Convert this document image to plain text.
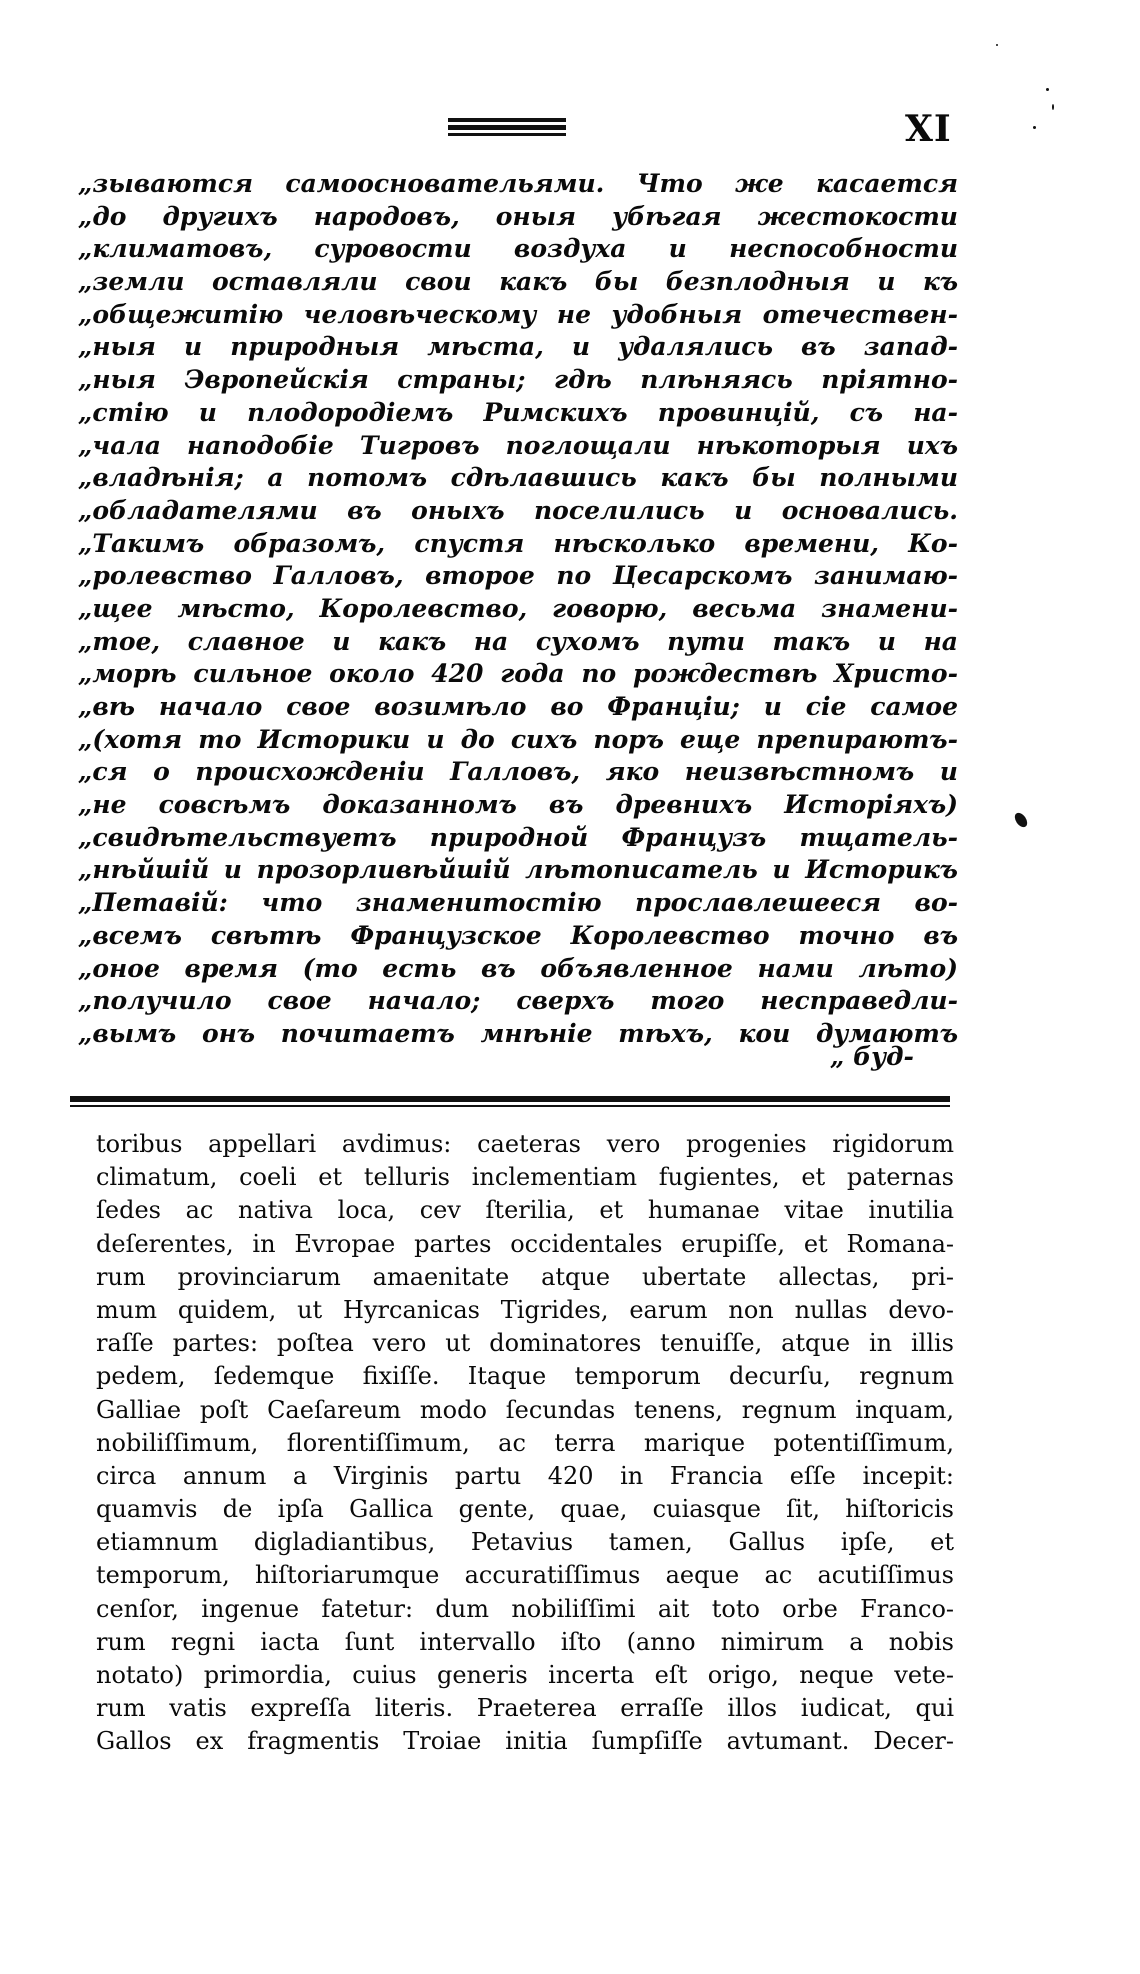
XI
„зываются самоосновательями. Что же касается
„до другихъ народовъ, оныя убѣгая жестокости
„климатовъ, суровости воздуха и неспособности
„земли оставляли свои какъ бы безплодныя и къ
„общежитію человѣческому не удобныя отечествен-
„ныя и природныя мѣста, и удалялись въ запад-
„ныя Эвропейскія страны; гдѣ плѣняясь пріятно-
„стію и плодородіемъ Римскихъ провинцій, съ на-
„чала наподобіе Тигровъ поглощали нѣкоторыя ихъ
„владѣнія; а потомъ сдѣлавшись какъ бы полными
„обладателями въ оныхъ поселились и основались.
„Такимъ образомъ, спустя нѣсколько времени, Ко-
„ролевство Галловъ, второе по Цесарскомъ занимаю-
„щее мѣсто, Королевство, говорю, весьма знамени-
„тое, славное и какъ на сухомъ пути такъ и на
„морѣ сильное около 420 года по рождествѣ Христо-
„вѣ начало свое возимѣло во Франціи; и сіе самое
„(хотя то Историки и до сихъ поръ еще препираютъ-
„ся о происхожденіи Галловъ, яко неизвѣстномъ и
„не совсѣмъ доказанномъ въ древнихъ Исторіяхъ)
„свидѣтельствуетъ природной Французъ тщатель-
„нѣйшій и прозорливѣйшій лѣтописатель и Историкъ
„Петавій: что знаменитостію прославлешееся во-
„всемъ свѣтѣ Французское Королевство точно въ
„оное время (то есть въ объявленное нами лѣто)
„получило свое начало; сверхъ того несправедли-
„вымъ онъ почитаетъ мнѣніе тѣхъ, кои думаютъ
„ буд-
toribus appellari avdimus: caeteras vero progenies rigidorum
climatum, coeli et telluris inclementiam fugientes, et paternas
ſedes ac nativa loca, cev ſterilia, et humanae vitae inutilia
deſerentes, in Evropae partes occidentales erupiſſe, et Romana-
rum provinciarum amaenitate atque ubertate allectas, pri-
mum quidem, ut Hyrcanicas Tigrides, earum non nullas devo-
raſſe partes: poſtea vero ut dominatores tenuiſſe, atque in illis
pedem, ſedemque fixiſſe. Itaque temporum decurſu, regnum
Galliae poſt Caeſareum modo ſecundas tenens, regnum inquam,
nobiliſſimum, florentiſſimum, ac terra marique potentiſſimum,
circa annum a Virginis partu 420 in Francia eſſe incepit:
quamvis de ipſa Gallica gente, quae, cuiasque ſit, hiſtoricis
etiamnum digladiantibus, Petavius tamen, Gallus ipſe, et
temporum, hiſtoriarumque accuratiſſimus aeque ac acutiſſimus
cenſor, ingenue fatetur: dum nobiliſſimi ait toto orbe Franco-
rum regni iacta ſunt intervallo iſto (anno nimirum a nobis
notato) primordia, cuius generis incerta eſt origo, neque vete-
rum vatis expreſſa literis. Praeterea erraſſe illos iudicat, qui
Gallos ex fragmentis Troiae initia ſumpſiſſe avtumant. Decer-
